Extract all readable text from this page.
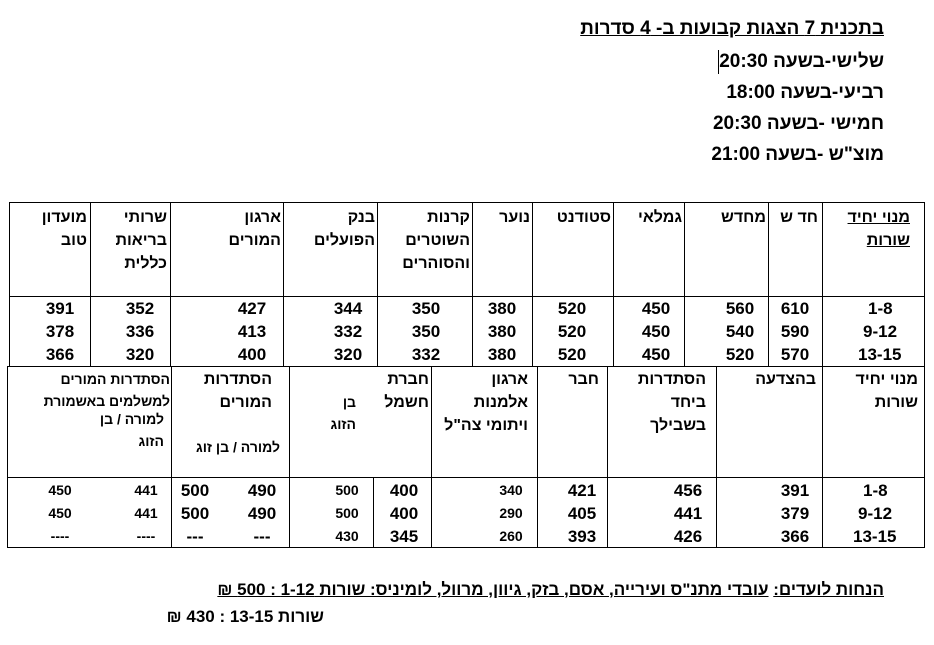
בתכנית 7 הצגות קבועות ב- 4 סדרות
שלישי-בשעה 20:30
רביעי-בשעה 18:00
חמישי -בשעה 20:30
מוצ"ש -בשעה 21:00
מנוי יחיד שורות
חד ש
מחדש
גמלאי
סטודנט
נוער
קרנות השוטרים והסוהרים
בנק הפועלים
ארגון המורים
שרותי בריאות כללית
מועדון טוב
1-8
9-12
13-15
610
560
450
520
380
350
344
427
352
391
590
540
450
520
380
350
332
413
336
378
570
520
450
520
380
332
320
400
320
366
מנוי יחיד שורות
בהצדעה
הסתדרות ביחד בשבילך
חבר
ארגון אלמנות ויתומי צה"ל
חברת חשמל
בן הזוג
הסתדרות המורים
למורה / בן זוג
הסתדרות המורים למשלמים באשמורת
למורה / בן הזוג
1-8
9-12
13-15
391
456
421
340
400
500
490
500
441
450
379
441
405
290
400
500
490
500
441
450
366
426
393
260
345
430
---
---
----
----
הנחות לועדים: עובדי מתנ"ס ועירייה, אסם, בזק, גיוון, מרוול, לומיניס: שורות 1-12 : 500 ₪
שורות 13-15 : 430 ₪
